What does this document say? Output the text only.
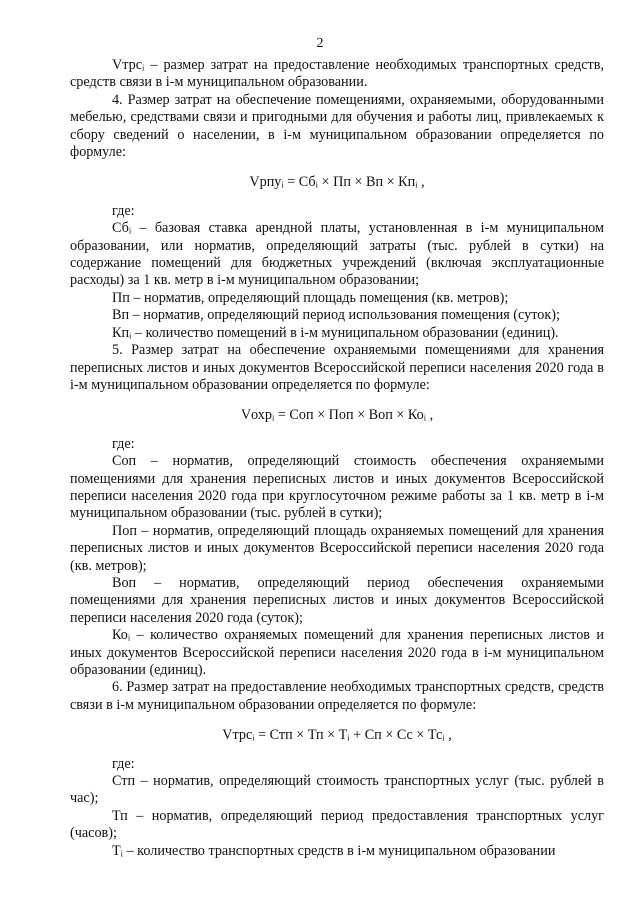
2

Vтрсᵢ – размер затрат на предоставление необходимых транспортных средств, средств связи в i-м муниципальном образовании.

4. Размер затрат на обеспечение помещениями, охраняемыми, оборудованными мебелью, средствами связи и пригодными для обучения и работы лиц, привлекаемых к сбору сведений о населении, в i-м муниципальном образовании определяется по формуле:

Vрпуᵢ = Сбᵢ × Пп × Вп × Кпᵢ ,

где:

Сбᵢ – базовая ставка арендной платы, установленная в i-м муниципальном образовании, или норматив, определяющий затраты (тыс. рублей в сутки) на содержание помещений для бюджетных учреждений (включая эксплуатационные расходы) за 1 кв. метр в i-м муниципальном образовании;

Пп – норматив, определяющий площадь помещения (кв. метров);

Вп – норматив, определяющий период использования помещения (суток);

Кпᵢ – количество помещений в i-м муниципальном образовании (единиц).

5. Размер затрат на обеспечение охраняемыми помещениями для хранения переписных листов и иных документов Всероссийской переписи населения 2020 года в i-м муниципальном образовании определяется по формуле:

Vохрᵢ = Соп × Поп × Воп × Коᵢ ,

где:

Соп – норматив, определяющий стоимость обеспечения охраняемыми помещениями для хранения переписных листов и иных документов Всероссийской переписи населения 2020 года при круглосуточном режиме работы за 1 кв. метр в i-м муниципальном образовании (тыс. рублей в сутки);

Поп – норматив, определяющий площадь охраняемых помещений для хранения переписных листов и иных документов Всероссийской переписи населения 2020 года (кв. метров);

Воп – норматив, определяющий период обеспечения охраняемыми помещениями для хранения переписных листов и иных документов Всероссийской переписи населения 2020 года (суток);

Коᵢ – количество охраняемых помещений для хранения переписных листов и иных документов Всероссийской переписи населения 2020 года в i-м муниципальном образовании (единиц).

6. Размер затрат на предоставление необходимых транспортных средств, средств связи в i-м муниципальном образовании определяется по формуле:

Vтрсᵢ = Стп × Тп × Тᵢ + Сп × Сс × Тсᵢ ,

где:

Стп – норматив, определяющий стоимость транспортных услуг (тыс. рублей в час);

Тп – норматив, определяющий период предоставления транспортных услуг (часов);

Тᵢ – количество транспортных средств в i-м муниципальном образовании
